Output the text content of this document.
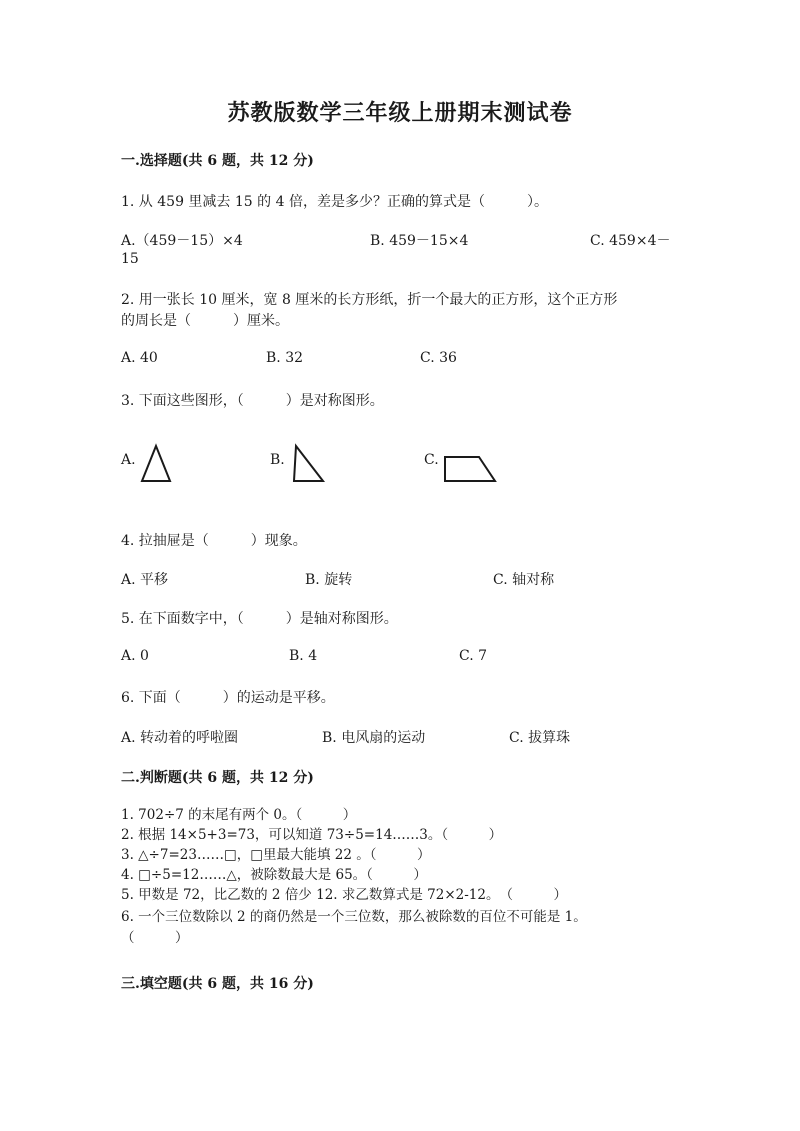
苏教版数学三年级上册期末测试卷
一.选择题(共 6 题，共 12 分)
1. 从 459 里减去 15 的 4 倍，差是多少？正确的算式是（　　　）。
A.（459－15）×4	B. 459－15×4	C. 459×4－
15
2. 用一张长 10 厘米，宽 8 厘米的长方形纸，折一个最大的正方形，这个正方形
的周长是（　　　）厘米。
A. 40	B. 32	C. 36
3. 下面这些图形，（　　　）是对称图形。
A.	B.	C.
4. 拉抽屉是（　　　）现象。
A. 平移	B. 旋转	C. 轴对称
5. 在下面数字中，（　　　）是轴对称图形。
A. 0	B. 4	C. 7
6. 下面（　　　）的运动是平移。
A. 转动着的呼啦圈	B. 电风扇的运动	C. 拔算珠
二.判断题(共 6 题，共 12 分)
1. 702÷7 的末尾有两个 0。（　　　）
2. 根据 14×5+3=73，可以知道 73÷5=14……3。（　　　）
3. △÷7=23……□，□里最大能填 22 。（　　　）
4. □÷5=12……△，被除数最大是 65。（　　　）
5. 甲数是 72，比乙数的 2 倍少 12. 求乙数算式是 72×2-12。　（　　　）
6. 一个三位数除以 2 的商仍然是一个三位数，那么被除数的百位不可能是 1。
（　　　）
三.填空题(共 6 题，共 16 分)
